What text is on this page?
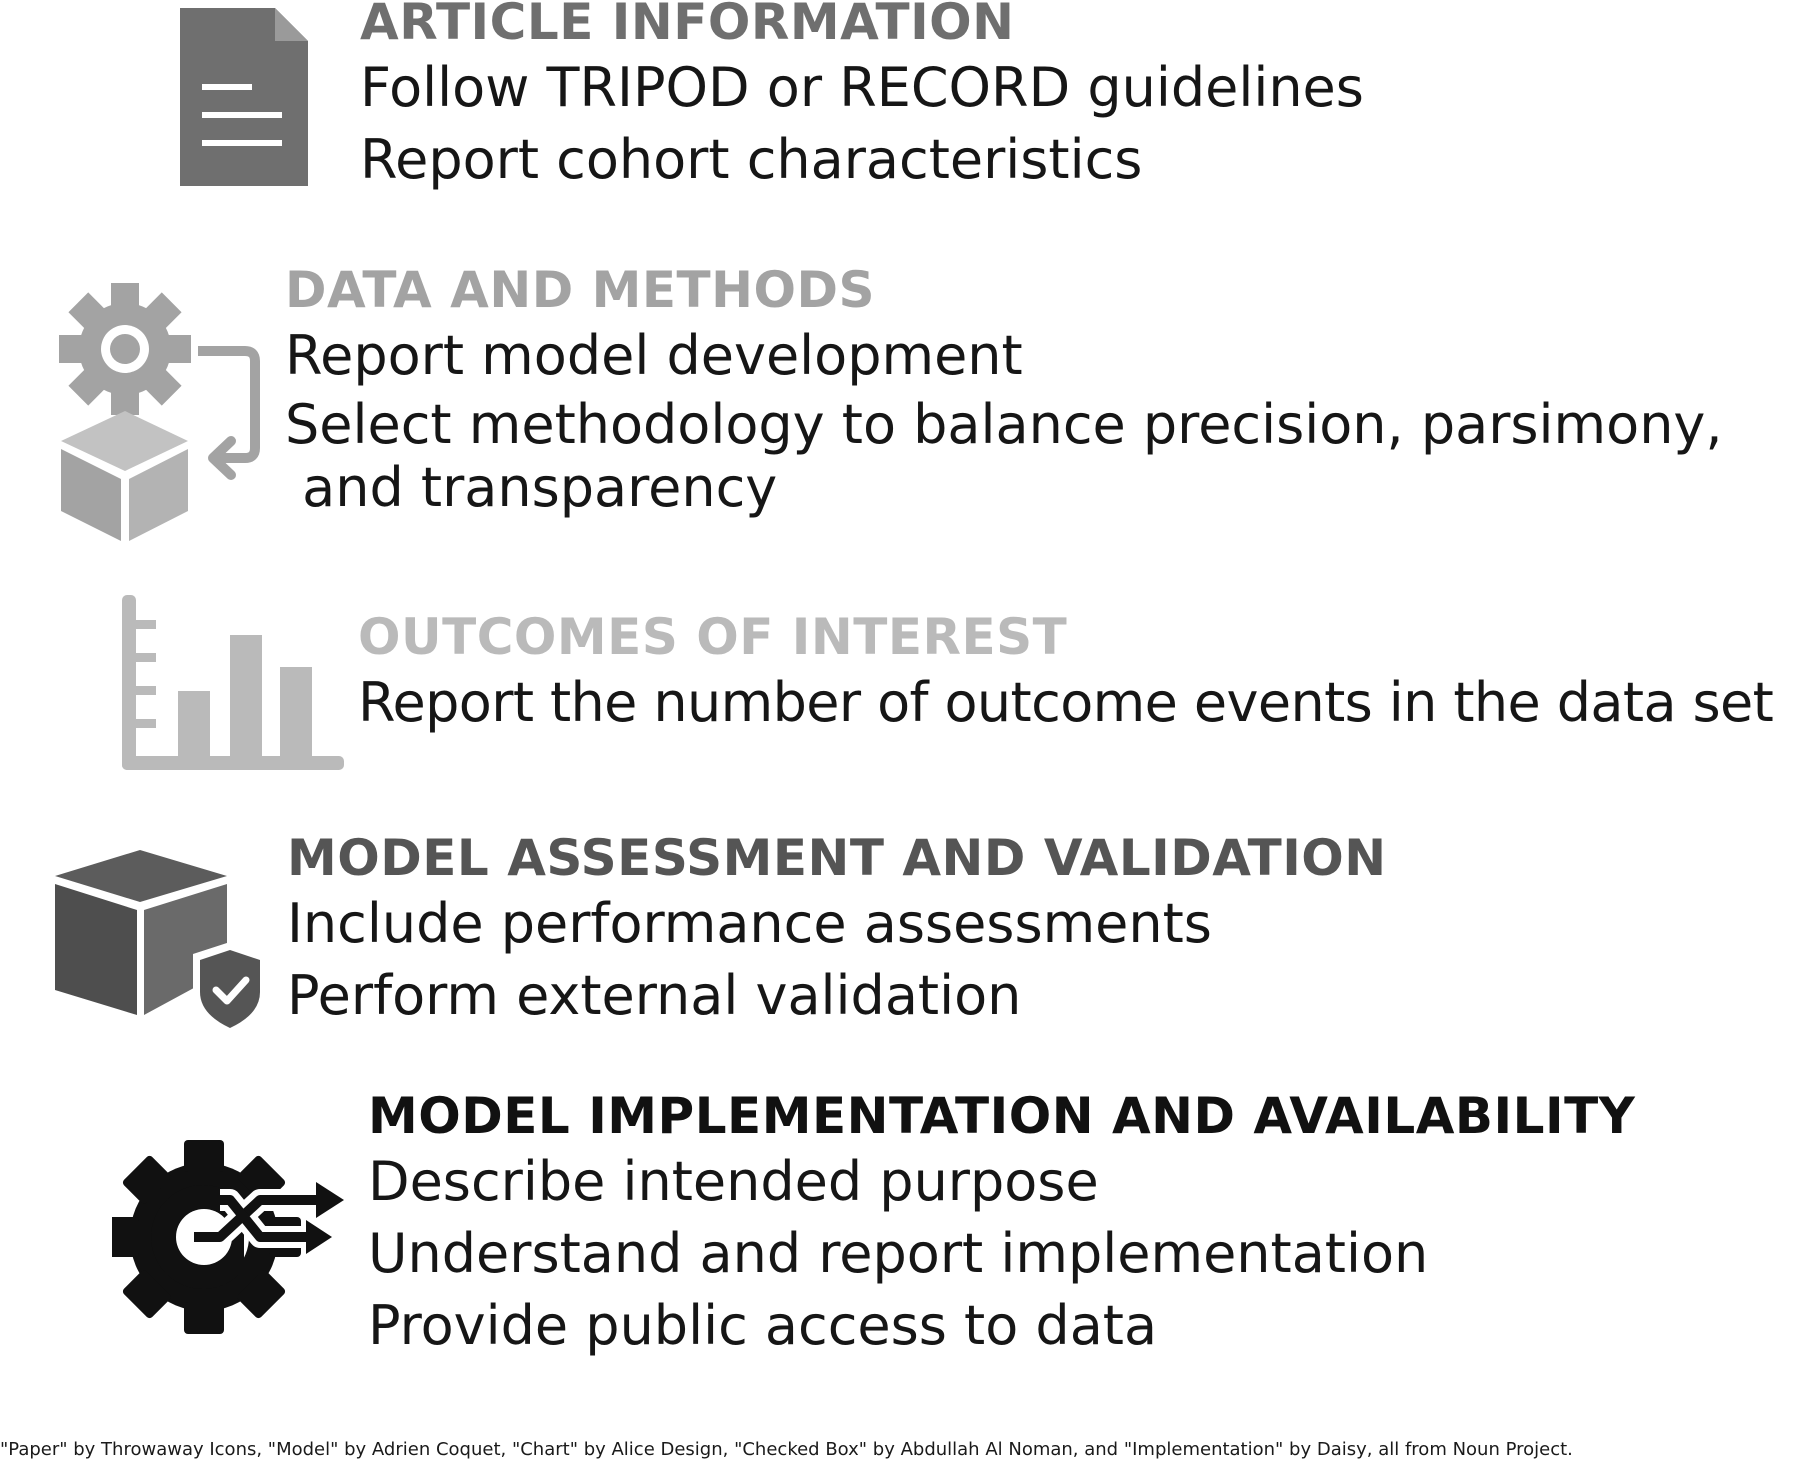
ARTICLE INFORMATION
Follow TRIPOD or RECORD guidelines
Report cohort characteristics
DATA AND METHODS
Report model development
Select methodology to balance precision, parsimony,
and transparency
OUTCOMES OF INTEREST
Report the number of outcome events in the data set
MODEL ASSESSMENT AND VALIDATION
Include performance assessments
Perform external validation
MODEL IMPLEMENTATION AND AVAILABILITY
Describe intended purpose
Understand and report implementation
Provide public access to data
"Paper" by Throwaway Icons, "Model" by Adrien Coquet, "Chart" by Alice Design, "Checked Box" by Abdullah Al Noman, and "Implementation" by Daisy, all from Noun Project.
